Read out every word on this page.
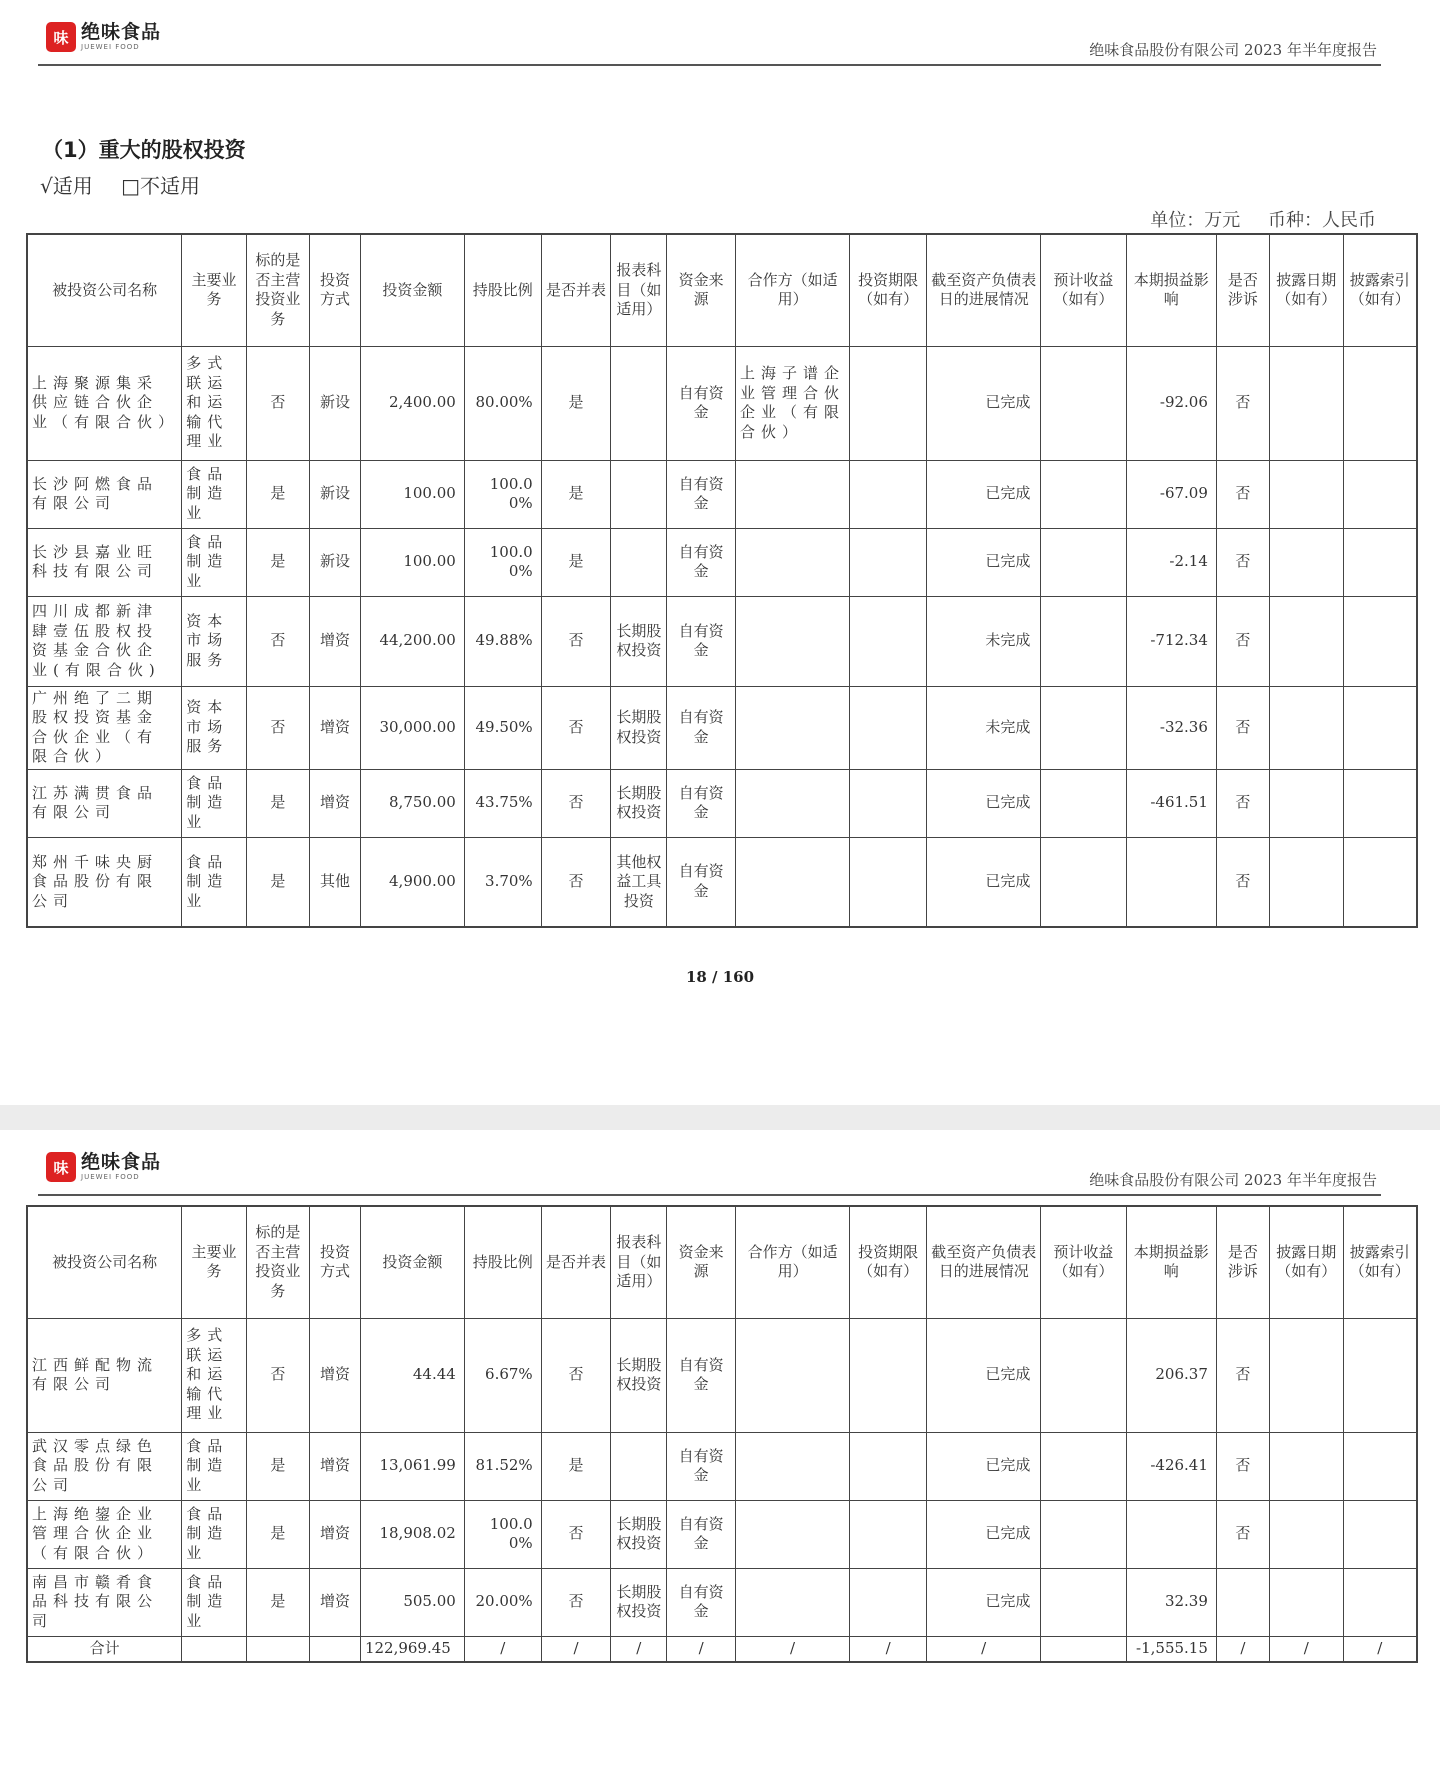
味 绝味食品
JUEWEI FOOD	绝味食品股份有限公司 2023 年半年度报告
（1）重大的股权投资
√适用 □不适用
单位：万元 币种：人民币
被投资公司名称	主要业务	标的是否主营投资业务	投资方式	投资金额	持股比例	是否并表	报表科目（如适用）	资金来源	合作方（如适用）	投资期限（如有）	截至资产负债表日的进展情况	预计收益（如有）	本期损益影响	是否涉诉	披露日期（如有）	披露索引（如有）
上海聚源集采供应链合伙企业（有限合伙）	多式联运和运输代理业	否	新设	2,400.00	80.00%	是		自有资金	上海子谱企业管理合伙企业（有限合伙）		已完成		-92.06	否		
长沙阿燃食品有限公司	食品制造业	是	新设	100.00	100.00%	是		自有资金			已完成		-67.09	否		
长沙县嘉业旺科技有限公司	食品制造业	是	新设	100.00	100.00%	是		自有资金			已完成		-2.14	否		
四川成都新津肆壹伍股权投资基金合伙企业(有限合伙)	资本市场服务	否	增资	44,200.00	49.88%	否	长期股权投资	自有资金			未完成		-712.34	否		
广州绝了二期股权投资基金合伙企业（有限合伙）	资本市场服务	否	增资	30,000.00	49.50%	否	长期股权投资	自有资金			未完成		-32.36	否		
江苏满贯食品有限公司	食品制造业	是	增资	8,750.00	43.75%	否	长期股权投资	自有资金			已完成		-461.51	否		
郑州千味央厨食品股份有限公司	食品制造业	是	其他	4,900.00	3.70%	否	其他权益工具投资	自有资金			已完成			否		
18 / 160
味 绝味食品
JUEWEI FOOD	绝味食品股份有限公司 2023 年半年度报告
被投资公司名称	主要业务	标的是否主营投资业务	投资方式	投资金额	持股比例	是否并表	报表科目（如适用）	资金来源	合作方（如适用）	投资期限（如有）	截至资产负债表日的进展情况	预计收益（如有）	本期损益影响	是否涉诉	披露日期（如有）	披露索引（如有）
江西鲜配物流有限公司	多式联运和运输代理业	否	增资	44.44	6.67%	否	长期股权投资	自有资金			已完成		206.37	否		
武汉零点绿色食品股份有限公司	食品制造业	是	增资	13,061.99	81.52%	是		自有资金			已完成		-426.41	否		
上海绝鋆企业管理合伙企业（有限合伙）	食品制造业	是	增资	18,908.02	100.00%	否	长期股权投资	自有资金			已完成			否		
南昌市赣肴食品科技有限公司	食品制造业	是	增资	505.00	20.00%	否	长期股权投资	自有资金			已完成		32.39			
合计				122,969.45	/	/	/	/	/	/	/		-1,555.15	/	/	/
